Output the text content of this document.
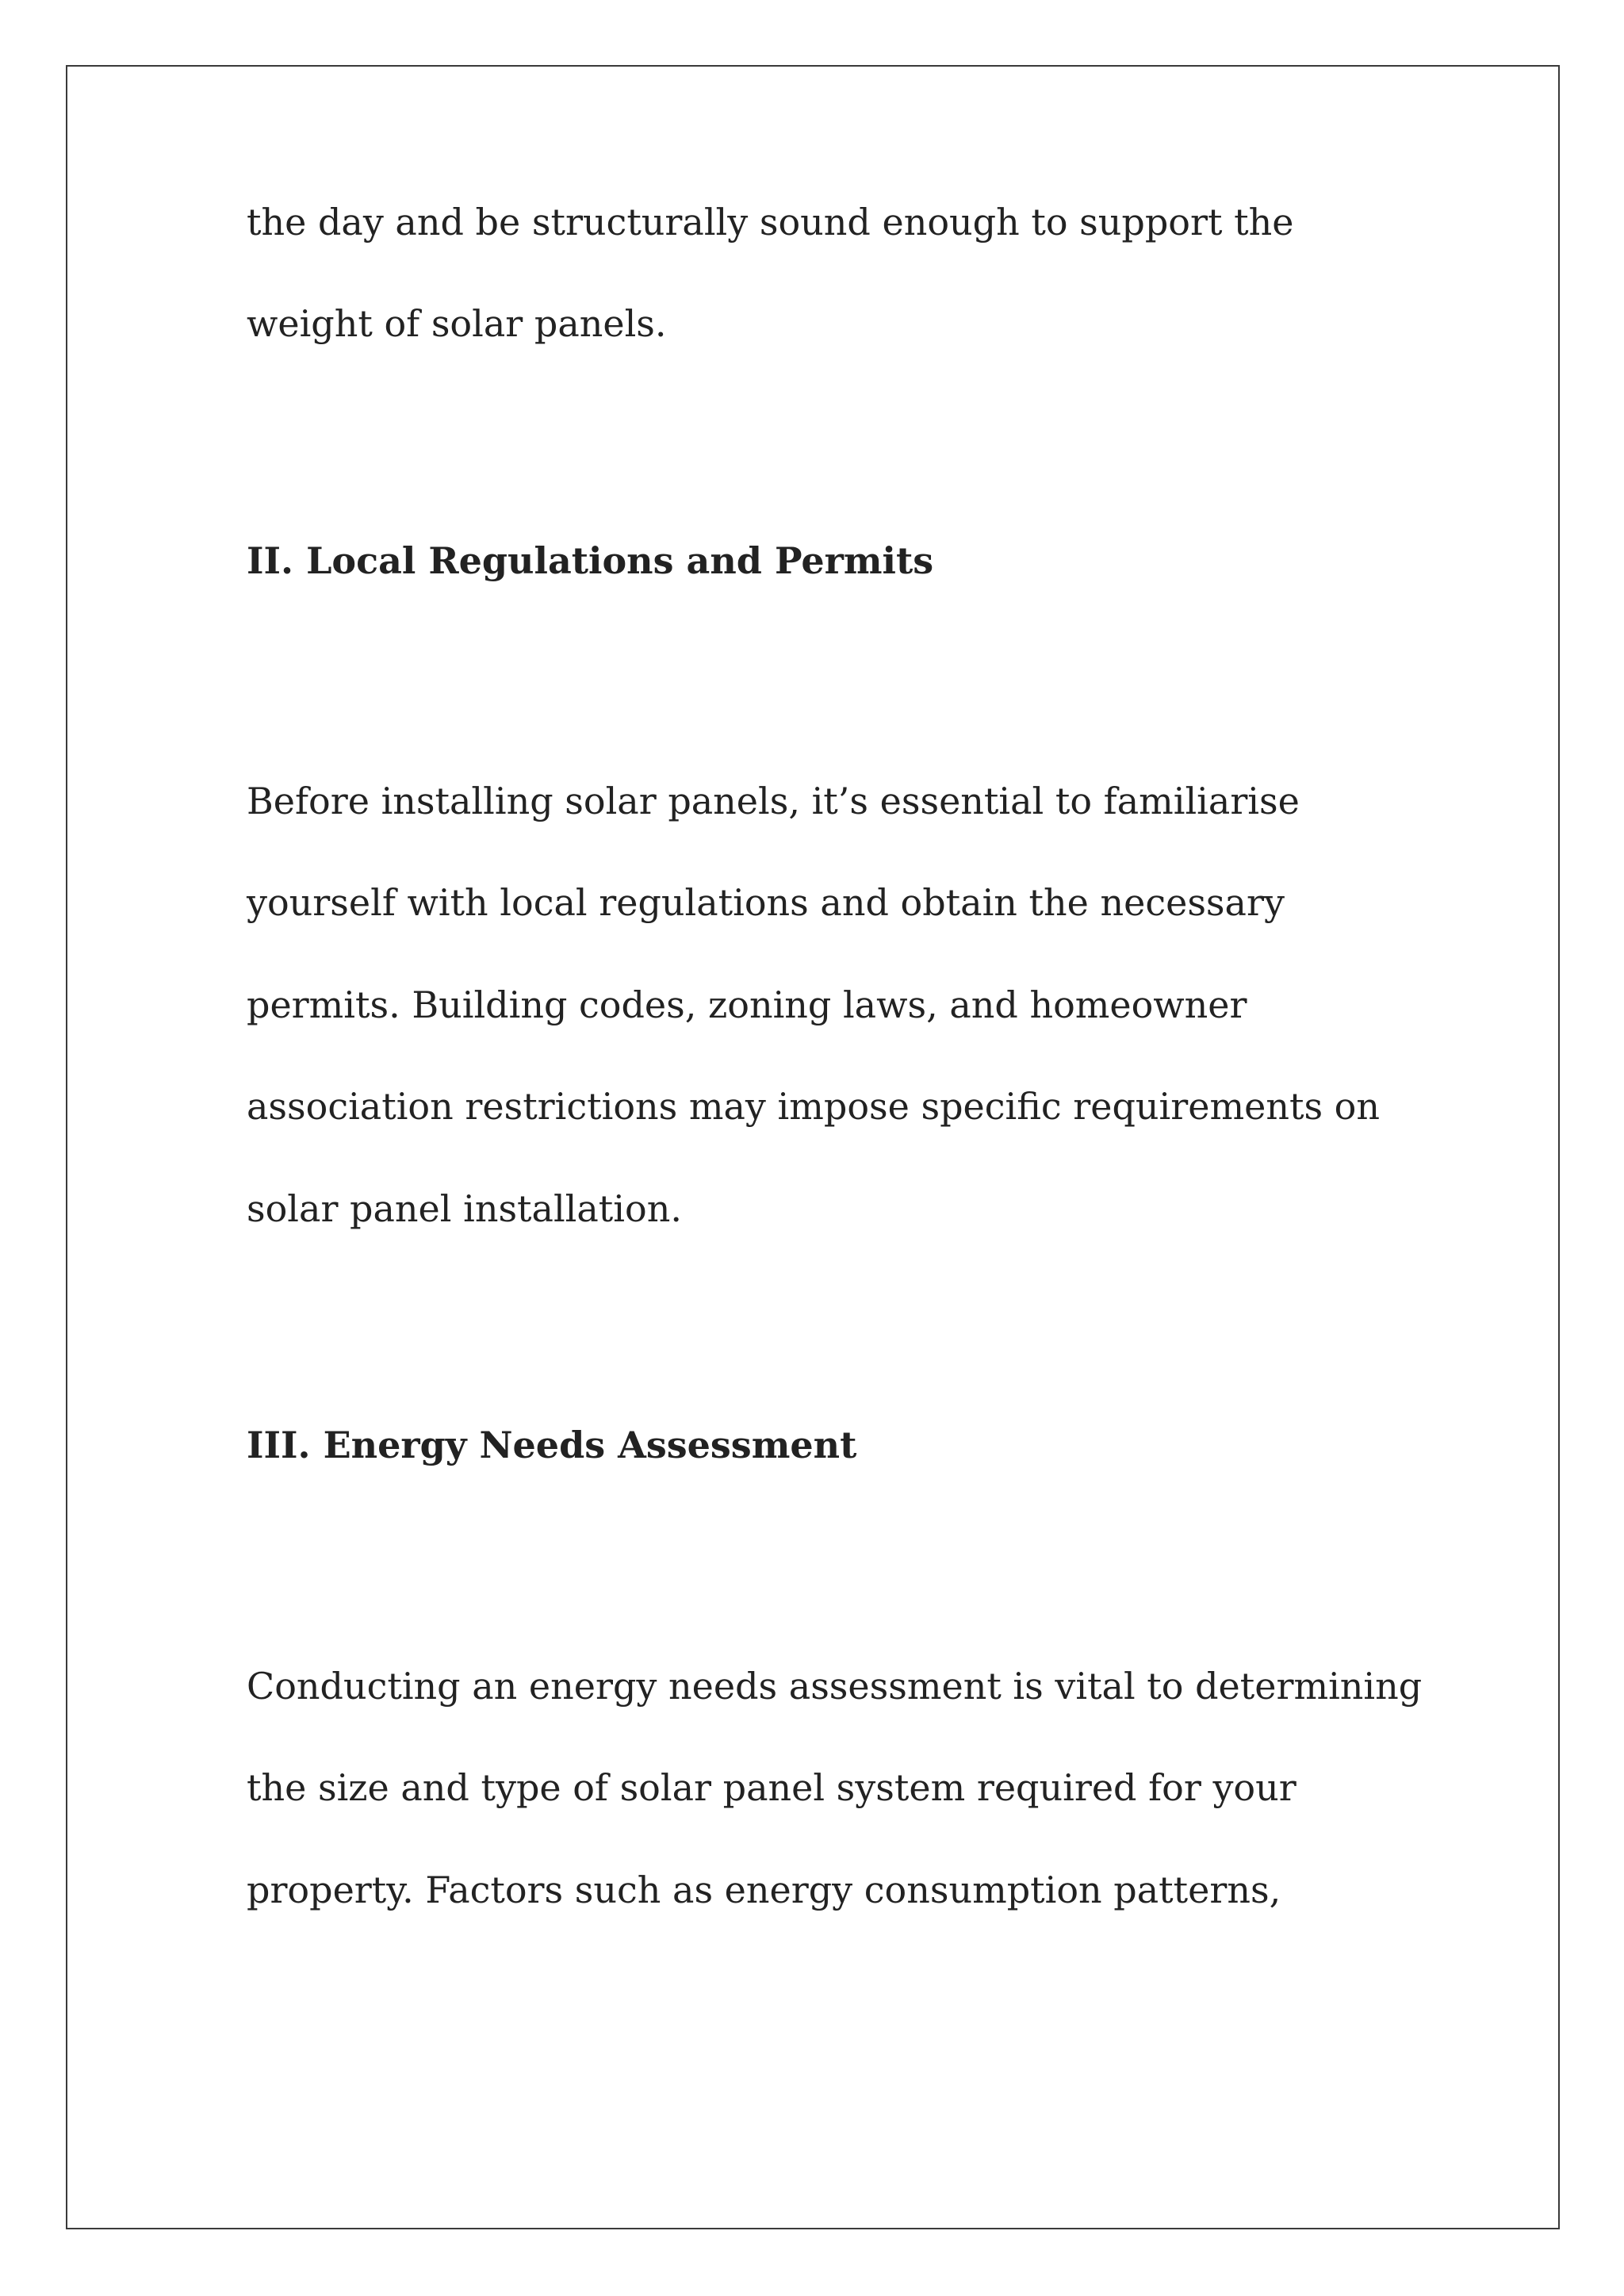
the day and be structurally sound enough to support the

weight of solar panels.

II. Local Regulations and Permits

Before installing solar panels, it’s essential to familiarise

yourself with local regulations and obtain the necessary

permits. Building codes, zoning laws, and homeowner

association restrictions may impose specific requirements on

solar panel installation.

III. Energy Needs Assessment

Conducting an energy needs assessment is vital to determining

the size and type of solar panel system required for your

property. Factors such as energy consumption patterns,
